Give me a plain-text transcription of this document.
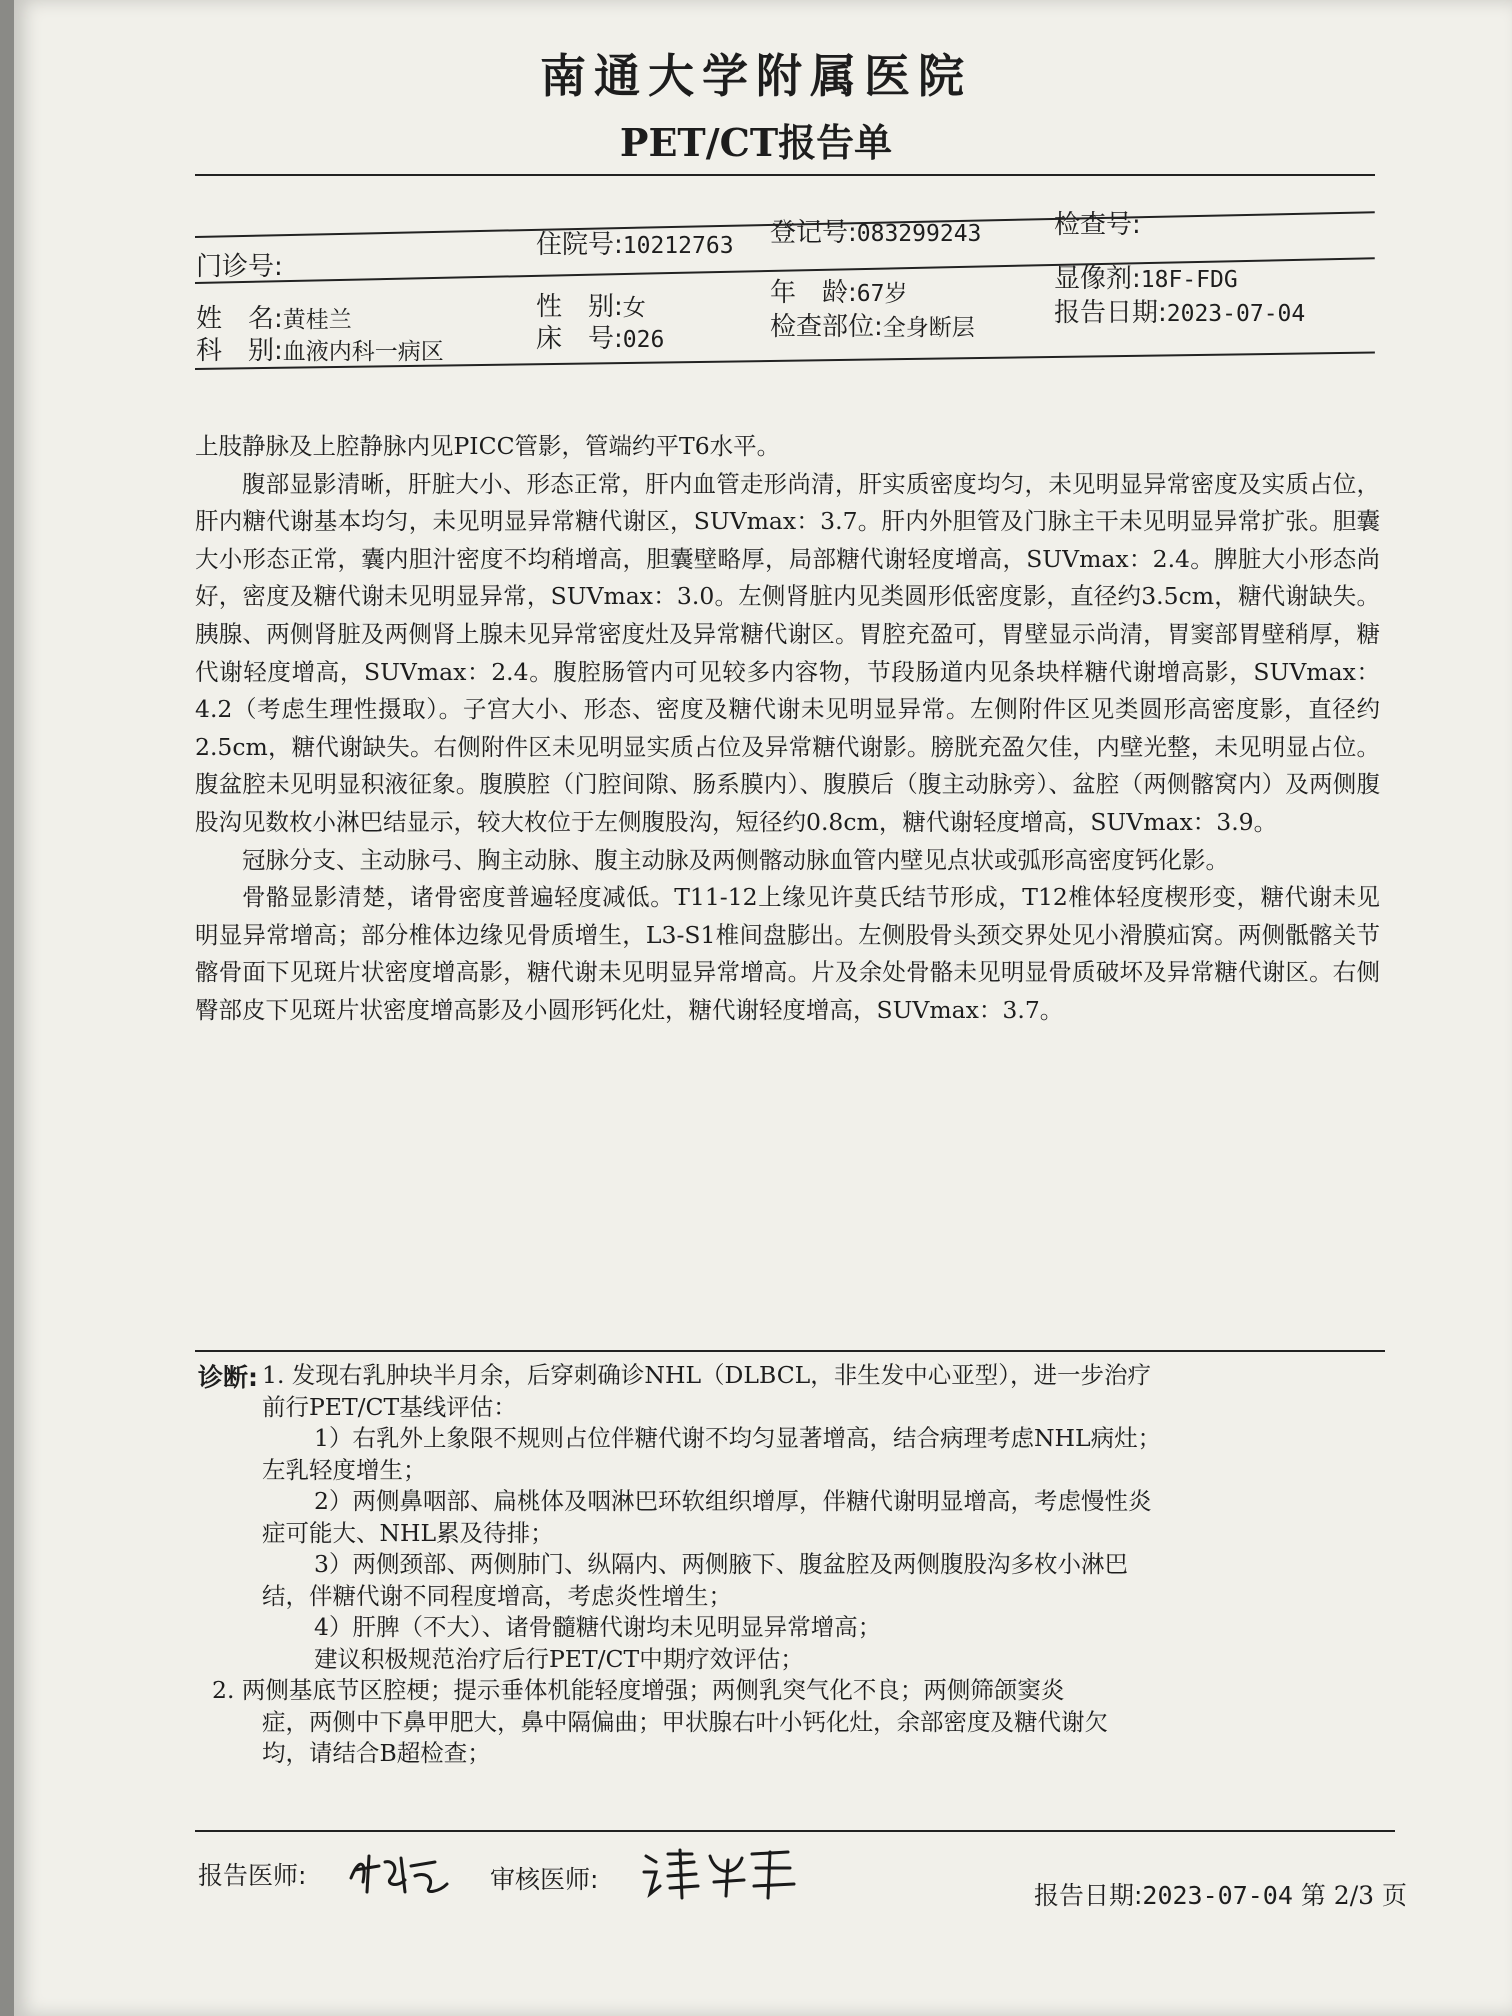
南通大学附属医院
PET/CT报告单
门诊号:
住院号:10212763 登记号:083299243	检查号:
姓　名:黄桂兰	性　别:女	年　龄:67岁	显像剂:18F-FDG
科　别:血液内科一病区	床　号:026	检查部位:全身断层	报告日期:2023-07-04

上肢静脉及上腔静脉内见PICC管影，管端约平T6水平。

腹部显影清晰，肝脏大小、形态正常，肝内血管走形尚清，肝实质密度均匀，未见明显异常密度及实质占位，肝内糖代谢基本均匀，未见明显异常糖代谢区，SUVmax：3.7。肝内外胆管及门脉主干未见明显异常扩张。胆囊大小形态正常，囊内胆汁密度不均稍增高，胆囊壁略厚，局部糖代谢轻度增高，SUVmax：2.4。脾脏大小形态尚好，密度及糖代谢未见明显异常，SUVmax：3.0。左侧肾脏内见类圆形低密度影，直径约3.5cm，糖代谢缺失。胰腺、两侧肾脏及两侧肾上腺未见异常密度灶及异常糖代谢区。胃腔充盈可，胃壁显示尚清，胃窦部胃壁稍厚，糖代谢轻度增高，SUVmax：2.4。腹腔肠管内可见较多内容物，节段肠道内见条块样糖代谢增高影，SUVmax：4.2（考虑生理性摄取）。子宫大小、形态、密度及糖代谢未见明显异常。左侧附件区见类圆形高密度影，直径约2.5cm，糖代谢缺失。右侧附件区未见明显实质占位及异常糖代谢影。膀胱充盈欠佳，内壁光整，未见明显占位。腹盆腔未见明显积液征象。腹膜腔（门腔间隙、肠系膜内）、腹膜后（腹主动脉旁）、盆腔（两侧髂窝内）及两侧腹股沟见数枚小淋巴结显示，较大枚位于左侧腹股沟，短径约0.8cm，糖代谢轻度增高，SUVmax：3.9。

冠脉分支、主动脉弓、胸主动脉、腹主动脉及两侧髂动脉血管内壁见点状或弧形高密度钙化影。

骨骼显影清楚，诸骨密度普遍轻度减低。T11-12上缘见许莫氏结节形成，T12椎体轻度楔形变，糖代谢未见明显异常增高；部分椎体边缘见骨质增生，L3-S1椎间盘膨出。左侧股骨头颈交界处见小滑膜疝窝。两侧骶髂关节髂骨面下见斑片状密度增高影，糖代谢未见明显异常增高。片及余处骨骼未见明显骨质破坏及异常糖代谢区。右侧臀部皮下见斑片状密度增高影及小圆形钙化灶，糖代谢轻度增高，SUVmax：3.7。

诊断: 1. 发现右乳肿块半月余，后穿刺确诊NHL（DLBCL，非生发中心亚型），进一步治疗

前行PET/CT基线评估：

1）右乳外上象限不规则占位伴糖代谢不均匀显著增高，结合病理考虑NHL病灶；

左乳轻度增生；

2）两侧鼻咽部、扁桃体及咽淋巴环软组织增厚，伴糖代谢明显增高，考虑慢性炎

症可能大、NHL累及待排；

3）两侧颈部、两侧肺门、纵隔内、两侧腋下、腹盆腔及两侧腹股沟多枚小淋巴

结，伴糖代谢不同程度增高，考虑炎性增生；

4）肝脾（不大）、诸骨髓糖代谢均未见明显异常增高；

建议积极规范治疗后行PET/CT中期疗效评估；

2. 两侧基底节区腔梗；提示垂体机能轻度增强；两侧乳突气化不良；两侧筛颌窦炎

症，两侧中下鼻甲肥大，鼻中隔偏曲；甲状腺右叶小钙化灶，余部密度及糖代谢欠

均，请结合B超检查；

报告医师:	审核医师:
报告日期:2023-07-04 第 2/3 页
